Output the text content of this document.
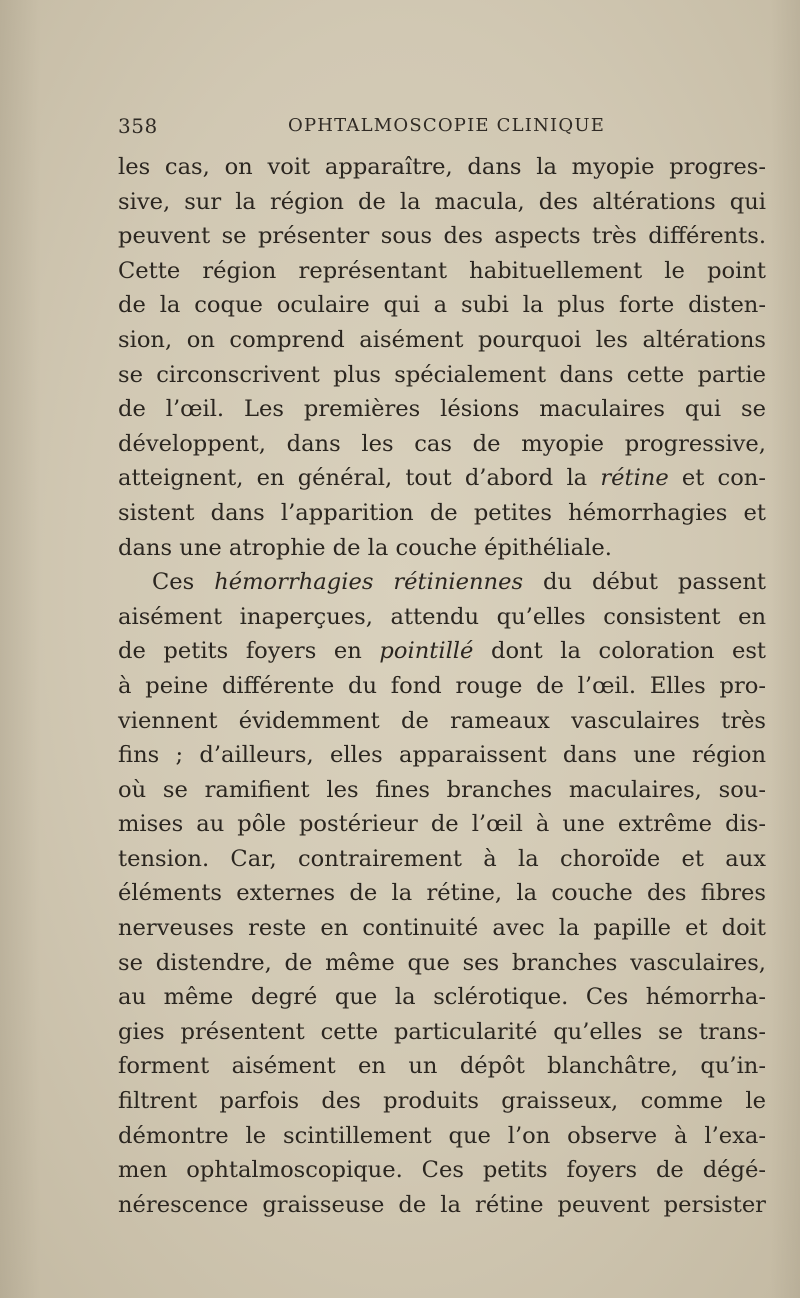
358	OPHTALMOSCOPIE CLINIQUE
les cas, on voit apparaître, dans la myopie progres-
sive, sur la région de la macula, des altérations qui
peuvent se présenter sous des aspects très différents.
Cette région représentant habituellement le point
de la coque oculaire qui a subi la plus forte disten-
sion, on comprend aisément pourquoi les altérations
se circonscrivent plus spécialement dans cette partie
de l’œil. Les premières lésions maculaires qui se
développent, dans les cas de myopie progressive,
atteignent, en général, tout d’abord la rétine et con-
sistent dans l’apparition de petites hémorrhagies et
dans une atrophie de la couche épithéliale.
Ces hémorrhagies rétiniennes du début passent
aisément inaperçues, attendu qu’elles consistent en
de petits foyers en pointillé dont la coloration est
à peine différente du fond rouge de l’œil. Elles pro-
viennent évidemment de rameaux vasculaires très
fins ; d’ailleurs, elles apparaissent dans une région
où se ramifient les fines branches maculaires, sou-
mises au pôle postérieur de l’œil à une extrême dis-
tension. Car, contrairement à la choroïde et aux
éléments externes de la rétine, la couche des fibres
nerveuses reste en continuité avec la papille et doit
se distendre, de même que ses branches vasculaires,
au même degré que la sclérotique. Ces hémorrha-
gies présentent cette particularité qu’elles se trans-
forment aisément en un dépôt blanchâtre, qu’in-
filtrent parfois des produits graisseux, comme le
démontre le scintillement que l’on observe à l’exa-
men ophtalmoscopique. Ces petits foyers de dégé-
nérescence graisseuse de la rétine peuvent persister
